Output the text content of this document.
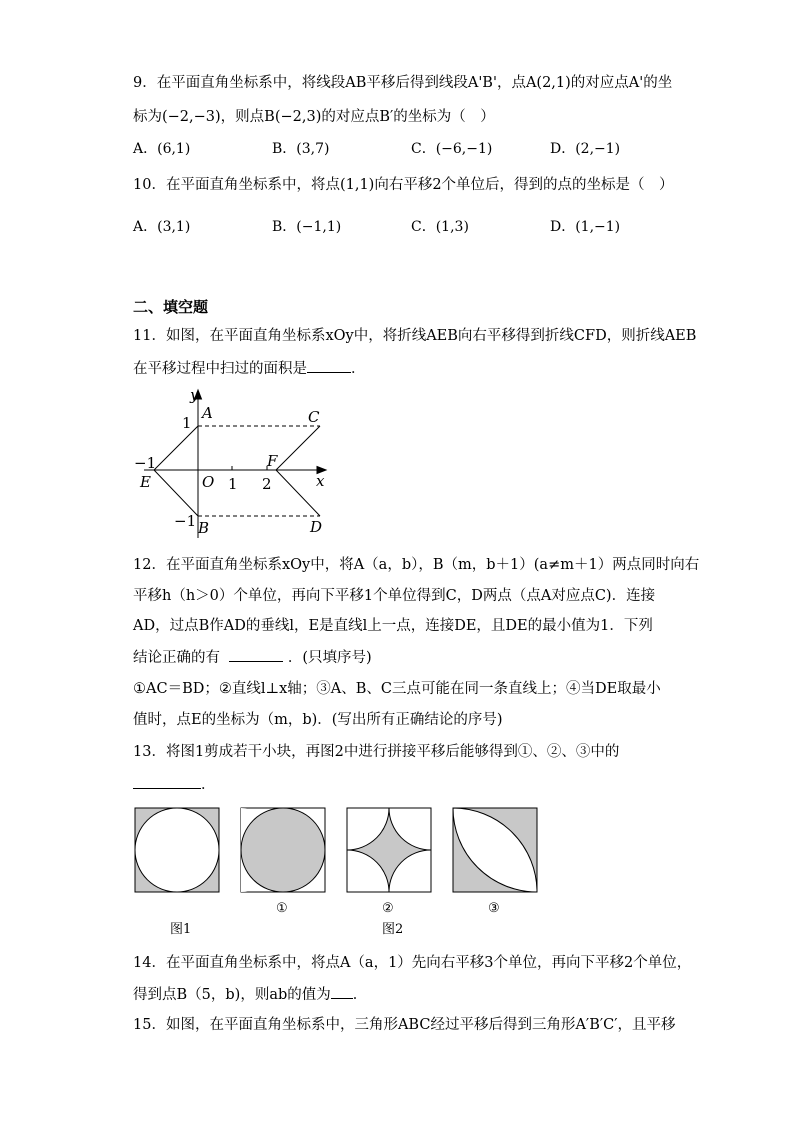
9．在平面直角坐标系中，将线段AB平移后得到线段A'B'，点A(2,1)的对应点A'的坐
标为(−2,−3)，则点B(−2,3)的对应点B′的坐标为（　）
A．(6,1)	B．(3,7)	C．(−6,−1)	D．(2,−1)
10．在平面直角坐标系中，将点(1,1)向右平移2个单位后，得到的点的坐标是（　）
A．(3,1)	B．(−1,1)	C．(1,3)	D．(1,−1)
二、填空题
11．如图，在平面直角坐标系xOy中，将折线AEB向右平移得到折线CFD，则折线AEB
在平移过程中扫过的面积是	．
y
x
A
1	C
−1
E	O 1 2
F
−1 B	D
12．在平面直角坐标系xOy中，将A（a，b），B（m，b＋1）(a≠m＋1）两点同时向右
平移h（h＞0）个单位，再向下平移1个单位得到C，D两点（点A对应点C)．连接
AD，过点B作AD的垂线l，E是直线l上一点，连接DE，且DE的最小值为1．下列
结论正确的有	．(只填序号)
①AC＝BD；②直线l⊥x轴；③A、B、C三点可能在同一条直线上；④当DE取最小
值时，点E的坐标为（m，b)．(写出所有正确结论的序号)
13．将图1剪成若干小块，再图2中进行拼接平移后能够得到①、②、③中的
．
图1
①	②
图2
③
14．在平面直角坐标系中，将点A（a，1）先向右平移3个单位，再向下平移2个单位，
得到点B（5，b)，则ab的值为 ．
15．如图，在平面直角坐标系中，三角形ABC经过平移后得到三角形A′B′C′，且平移
